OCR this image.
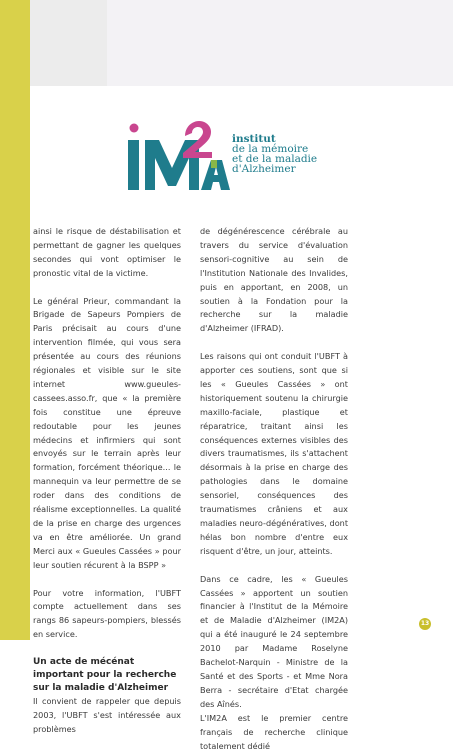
institut
de la mémoire
et de la maladie
d'Alzheimer

ainsi le risque de déstabilisation et permettant de gagner les quelques secondes qui vont optimiser le pronostic vital de la victime.

Le général Prieur, commandant la Brigade de Sapeurs Pompiers de Paris précisait au cours d'une intervention filmée, qui vous sera présentée au cours des réunions régionales et visible sur le site internet www.gueules-cassees.asso.fr, que « la première fois constitue une épreuve redoutable pour les jeunes médecins et infirmiers qui sont envoyés sur le terrain après leur formation, forcément théorique... le mannequin va leur permettre de se roder dans des conditions de réalisme exceptionnelles. La qualité de la prise en charge des urgences va en être améliorée. Un grand Merci aux « Gueules Cassées » pour leur soutien récurent à la BSPP »

Pour votre information, l'UBFT compte actuellement dans ses rangs 86 sapeurs-pompiers, blessés en service.

Un acte de mécénat important pour la recherche sur la maladie d'Alzheimer

Il convient de rappeler que depuis 2003, l'UBFT s'est intéressée aux problèmes

de dégénérescence cérébrale au travers du service d'évaluation sensori-cognitive au sein de l'Institution Nationale des Invalides, puis en apportant, en 2008, un soutien à la Fondation pour la recherche sur la maladie d'Alzheimer (IFRAD).

Les raisons qui ont conduit l'UBFT à apporter ces soutiens, sont que si les « Gueules Cassées » ont historiquement soutenu la chirurgie maxillo-faciale, plastique et réparatrice, traitant ainsi les conséquences externes visibles des divers traumatismes, ils s'attachent désormais à la prise en charge des pathologies dans le domaine sensoriel, conséquences des traumatismes crâniens et aux maladies neuro-dégénératives, dont hélas bon nombre d'entre eux risquent d'être, un jour, atteints.

Dans ce cadre, les « Gueules Cassées » apportent un soutien financier à l'Institut de la Mémoire et de Maladie d'Alzheimer (IM2A) qui a été inauguré le 24 septembre 2010 par Madame Roselyne Bachelot-Narquin - Ministre de la Santé et des Sports - et Mme Nora Berra - secrétaire d'Etat chargée des Aînés.

L'IM2A est le premier centre français de recherche clinique totalement dédié

13
